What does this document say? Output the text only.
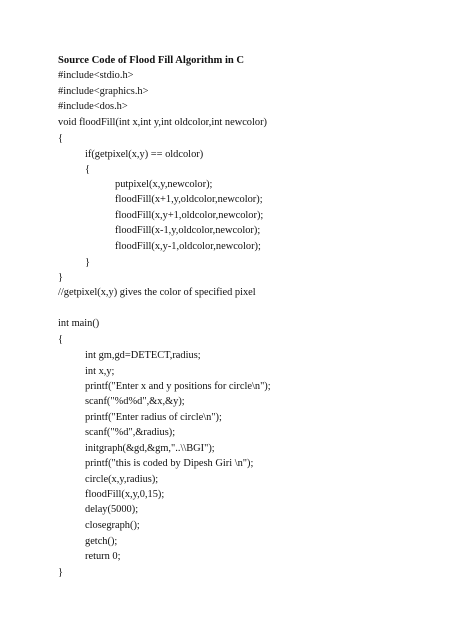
Source Code of Flood Fill Algorithm in C
#include<stdio.h>
#include<graphics.h>
#include<dos.h>
void floodFill(int x,int y,int oldcolor,int newcolor)
{
if(getpixel(x,y) == oldcolor)
{
putpixel(x,y,newcolor);
floodFill(x+1,y,oldcolor,newcolor);
floodFill(x,y+1,oldcolor,newcolor);
floodFill(x-1,y,oldcolor,newcolor);
floodFill(x,y-1,oldcolor,newcolor);
}
}
//getpixel(x,y) gives the color of specified pixel
int main()
{
int gm,gd=DETECT,radius;
int x,y;
printf("Enter x and y positions for circle\n");
scanf("%d%d",&x,&y);
printf("Enter radius of circle\n");
scanf("%d",&radius);
initgraph(&gd,&gm,"..\\BGI");
printf("this is coded by Dipesh Giri \n");
circle(x,y,radius);
floodFill(x,y,0,15);
delay(5000);
closegraph();
getch();
return 0;
}
